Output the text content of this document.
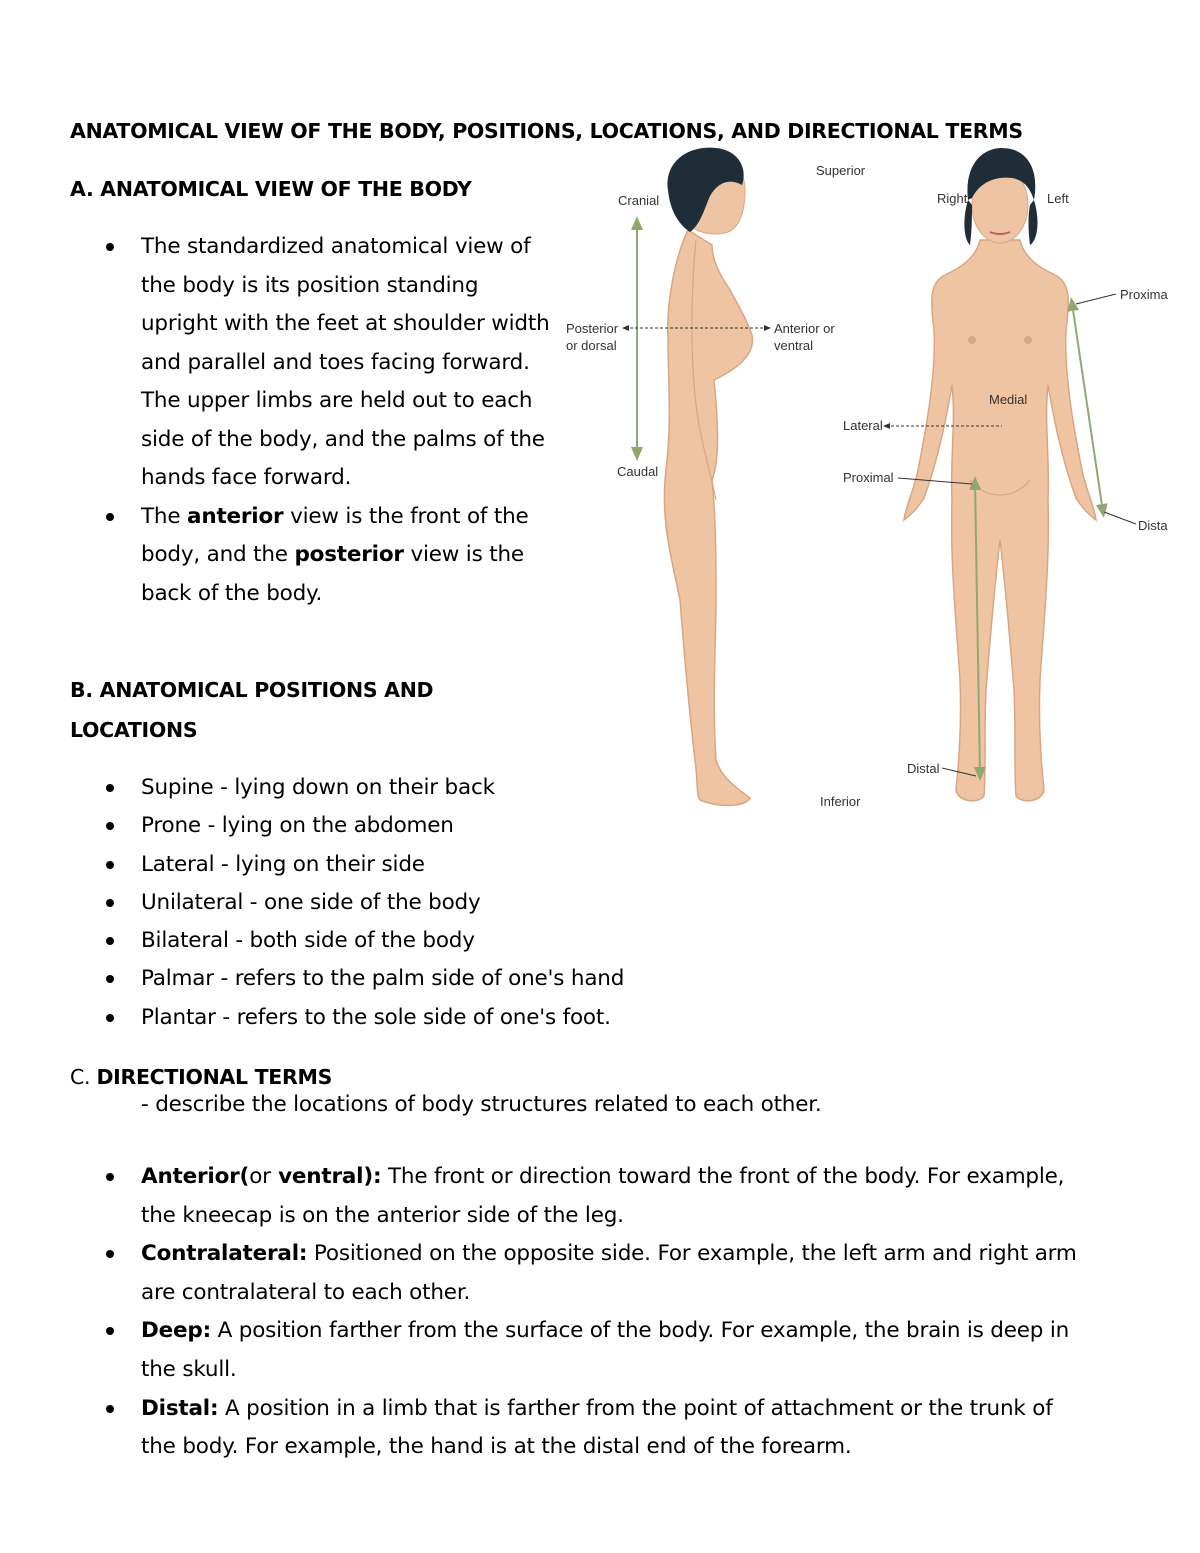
ANATOMICAL VIEW OF THE BODY, POSITIONS, LOCATIONS, AND DIRECTIONAL TERMS
A. ANATOMICAL VIEW OF THE BODY
The standardized anatomical view of the body is its position standing upright with the feet at shoulder width and parallel and toes facing forward. The upper limbs are held out to each side of the body, and the palms of the hands face forward.
The anterior view is the front of the body, and the posterior view is the back of the body.
B. ANATOMICAL POSITIONS AND
LOCATIONS
Supine - lying down on their back
Prone - lying on the abdomen
Lateral - lying on their side
Unilateral - one side of the body
Bilateral - both side of the body
Palmar - refers to the palm side of one's hand
Plantar - refers to the sole side of one's foot.
C. DIRECTIONAL TERMS
- describe the locations of body structures related to each other.
Anterior(or ventral): The front or direction toward the front of the body. For example, the kneecap is on the anterior side of the leg.
Contralateral: Positioned on the opposite side. For example, the left arm and right arm are contralateral to each other.
Deep: A position farther from the surface of the body. For example, the brain is deep in the skull.
Distal: A position in a limb that is farther from the point of attachment or the trunk of the body. For example, the hand is at the distal end of the forearm.
Cranial
Caudal
Posterior
or dorsal
Anterior or
ventral
Superior
Inferior
Right	Left
Medial
Lateral
Proximal
Distal
Proxima
Dista
